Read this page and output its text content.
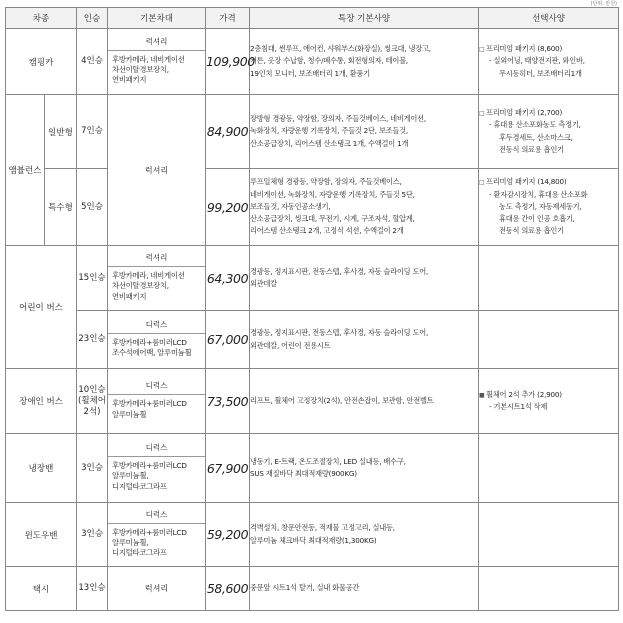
(단위: 만원)
차종		인승	기본차대	가격	특장 기본사양	선택사양
캠핑카		4인승	럭셔리
후방카메라, 네비게이션
차선이탈경보장치,
연비패키지	109,900	2층침대, 썬루프, 에어컨, 샤워부스(화장실), 씽크대, 냉장고,
커튼, 옷장 수납함, 청수/폐수통, 회전형의자, 테이블,
19인치 모니터, 보조배터리 1개, 환풍기	□ 프리미엄 패키지 (8,600)
- 실외어닝, 태양전지판, 와인바,
무시동히터, 보조배터리1개

앰뷸런스	일반형	7인승	럭셔리	84,900	장방형 경광등, 약장함, 장의자, 주들것베이스, 네비게이션,
녹화장치, 자량운행 기록장치, 주들것 2단, 보조들것,
산소공급장치, 리어스템 산소탱크 1개, 수액걸이 1개	□ 프리미엄 패키지 (2,700)
- 휴대용 산소포화농도 측정기,
후두경세트, 산소마스크,
전동식 의료용 흡인기

	특수형	5인승		99,200	루프일체형 경광등, 약장함, 장의자, 주들것베이스,
네비게이션, 녹화장치, 자량운행 기록장치, 주들것 5단,
보조들것, 자동인공소생기,
산소공급장치, 씽크대, 무전기, 시계, 구조자석, 혈압계,
리어스템 산소탱크 2개, 고정식 석션, 수액걸이 2개	□ 프리미엄 패키지 (14,800)
- 환자감시장치, 휴대용 산소포화
농도 측정기, 자동제세동기,
휴대용 간이 인공 호흡기,
전동식 의료용 흡인기

어린이 버스		15인승	럭셔리
후방카메라, 네비게이션
차선이탈경보장치,
연비패키지	64,300	경광등, 정지표시판, 전동스텝, 후사경, 자동 슬라이딩 도어,
외관데칼	

		23인승	디럭스
후방카메라+룸미러LCD
조수석에어백, 알루미늄휠	67,000	경광등, 정지표시판, 전동스텝, 후사경, 자동 슬라이딩 도어,
외관데칼, 어린이 전용시트	

장애인 버스		10인승
(휠체어
2석)	디럭스
후방카메라+룸미러LCD
알루미늄휠	73,500	리프트, 휠체어 고정장치(2석), 안전손잡이, 보관함, 안전벨트	■ 휠체어 2석 추가 (2,900)
- 기본시트1석 삭제

냉장밴		3인승	디럭스
후방카메라+룸미러LCD
알루미늄휠,
디지털타코그라프	67,900	냉동기, E-트랙, 온도조절장치, LED 실내등, 배수구,
SUS 재질바닥 최대적재량(900KG)	

윈도우밴		3인승	디럭스
후방카메라+룸미러LCD
알루미늄휠,
디지털타코그라프	59,200	격벽설치, 창문안전동, 적재물 고정고리, 실내등,
알루미늄 체크바닥 최대적재량(1,300KG)	

택시		13인승	럭셔리	58,600	중문앞 시트1석 탈거, 실내 화물공간	
